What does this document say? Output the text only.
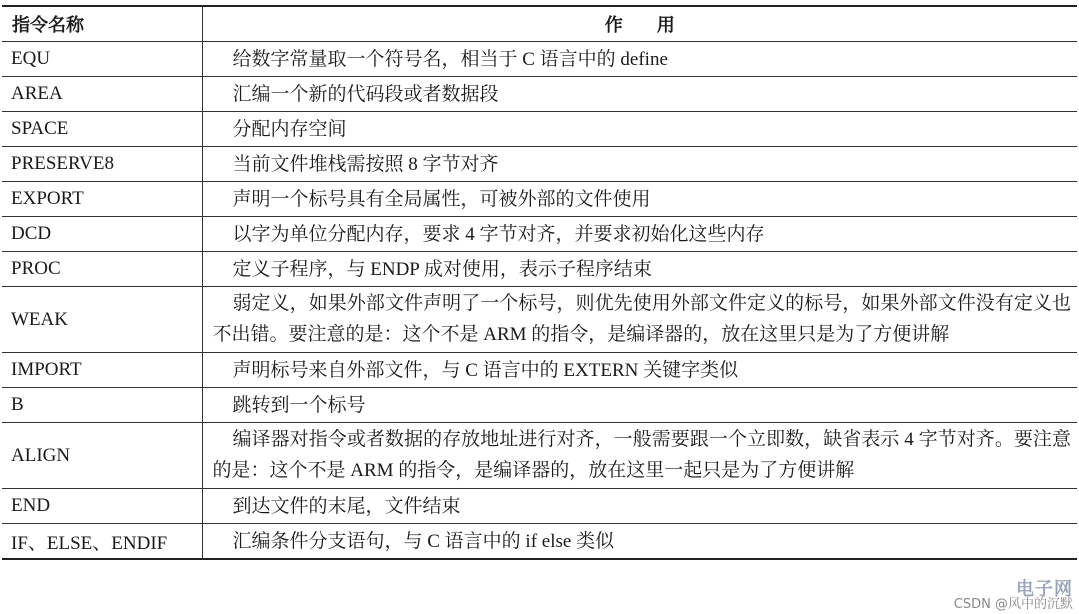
指令名称	作用
EQU	给数字常量取一个符号名，相当于 C 语言中的 define
AREA	汇编一个新的代码段或者数据段
SPACE	分配内存空间
PRESERVE8	当前文件堆栈需按照 8 字节对齐
EXPORT	声明一个标号具有全局属性，可被外部的文件使用
DCD	以字为单位分配内存，要求 4 字节对齐，并要求初始化这些内存
PROC	定义子程序，与 ENDP 成对使用，表示子程序结束
WEAK	弱定义，如果外部文件声明了一个标号，则优先使用外部文件定义的标号，如果外部文件没有定义也不出错。要注意的是：这个不是 ARM 的指令，是编译器的，放在这里只是为了方便讲解
IMPORT	声明标号来自外部文件，与 C 语言中的 EXTERN 关键字类似
B	跳转到一个标号
ALIGN	编译器对指令或者数据的存放地址进行对齐，一般需要跟一个立即数，缺省表示 4 字节对齐。要注意的是：这个不是 ARM 的指令，是编译器的，放在这里一起只是为了方便讲解
END	到达文件的末尾，文件结束
IF、ELSE、ENDIF	汇编条件分支语句，与 C 语言中的 if else 类似
电子网
CSDN @风中的沉默
